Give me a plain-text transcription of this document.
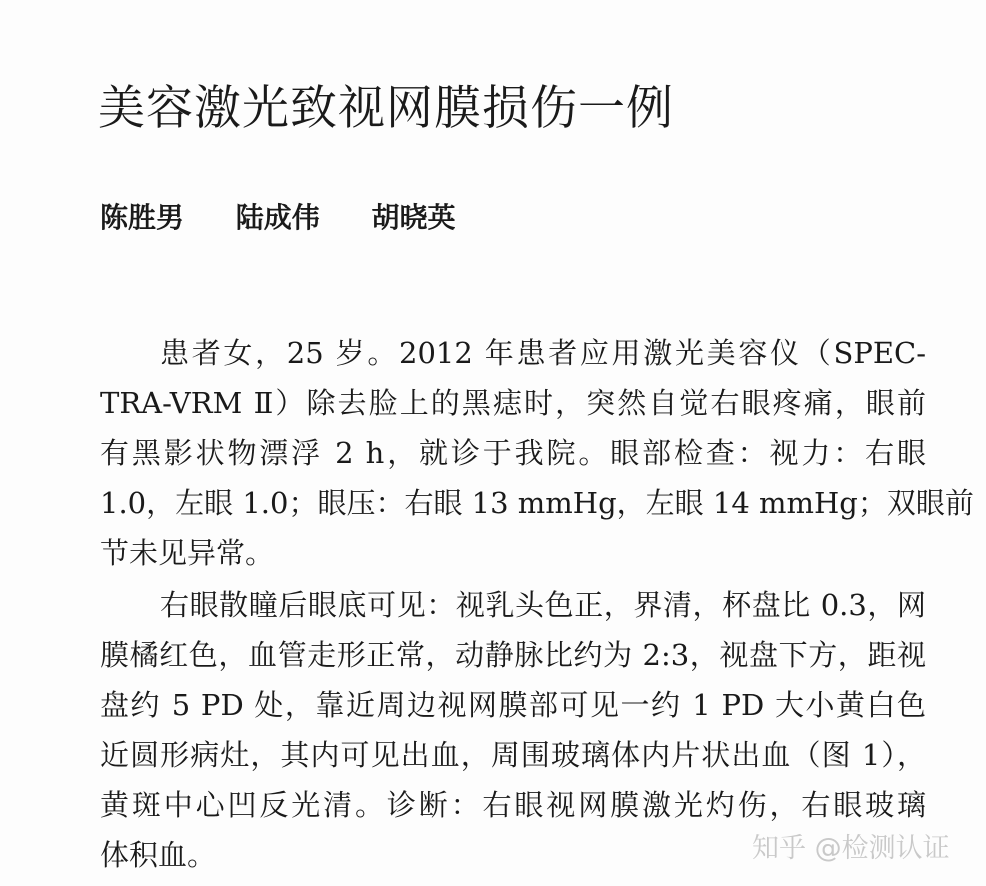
美容激光致视网膜损伤一例
陈胜男 陆成伟 胡晓英
患者女，25 岁。2012 年患者应用激光美容仪（SPEC-
TRA-VRM Ⅱ）除去脸上的黑痣时，突然自觉右眼疼痛，眼前
有黑影状物漂浮 2 h，就诊于我院。眼部检查：视力：右眼
1.0，左眼 1.0；眼压：右眼 13 mmHg，左眼 14 mmHg；双眼前
节未见异常。
右眼散瞳后眼底可见：视乳头色正，界清，杯盘比 0.3，网
膜橘红色，血管走形正常，动静脉比约为 2:3，视盘下方，距视
盘约 5 PD 处，靠近周边视网膜部可见一约 1 PD 大小黄白色
近圆形病灶，其内可见出血，周围玻璃体内片状出血（图 1），
黄斑中心凹反光清。诊断：右眼视网膜激光灼伤，右眼玻璃
体积血。	知乎 @检测认证
